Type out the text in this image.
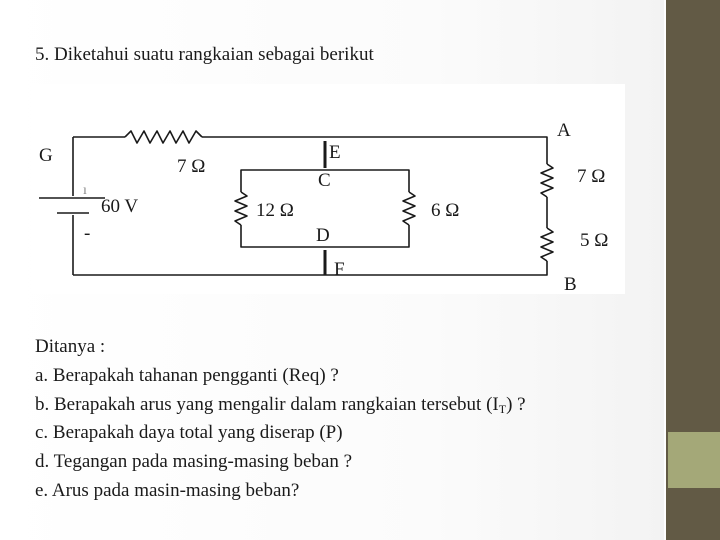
5. Diketahui suatu rangkaian sebagai berikut
G
7 Ω
E
C
A
7 Ω
ı
60 V	12 Ω	6 Ω
-	D	5 Ω
F
B
Ditanya :
a. Berapakah tahanan pengganti (Req) ?
b. Berapakah arus yang mengalir dalam rangkaian tersebut $(I_T)$ ?
c. Berapakah daya total yang diserap (P)
d. Tegangan pada masing-masing beban ?
e. Arus pada masin-masing beban?
